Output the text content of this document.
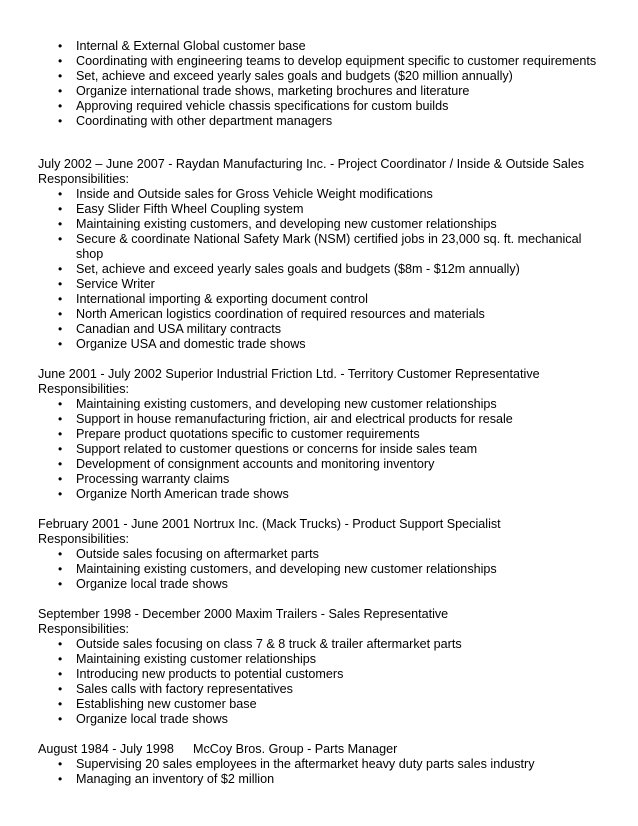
• Internal & External Global customer base
• Coordinating with engineering teams to develop equipment specific to customer requirements
• Set, achieve and exceed yearly sales goals and budgets ($20 million annually)
• Organize international trade shows, marketing brochures and literature
• Approving required vehicle chassis specifications for custom builds
• Coordinating with other department managers
July 2002 – June 2007 - Raydan Manufacturing Inc. - Project Coordinator / Inside & Outside Sales
Responsibilities:
• Inside and Outside sales for Gross Vehicle Weight modifications
• Easy Slider Fifth Wheel Coupling system
• Maintaining existing customers, and developing new customer relationships
• Secure & coordinate National Safety Mark (NSM) certified jobs in 23,000 sq. ft. mechanical
shop
• Set, achieve and exceed yearly sales goals and budgets ($8m - $12m annually)
• Service Writer
• International importing & exporting document control
• North American logistics coordination of required resources and materials
• Canadian and USA military contracts
• Organize USA and domestic trade shows
June 2001 - July 2002 Superior Industrial Friction Ltd. - Territory Customer Representative
Responsibilities:
• Maintaining existing customers, and developing new customer relationships
• Support in house remanufacturing friction, air and electrical products for resale
• Prepare product quotations specific to customer requirements
• Support related to customer questions or concerns for inside sales team
• Development of consignment accounts and monitoring inventory
• Processing warranty claims
• Organize North American trade shows
February 2001 - June 2001 Nortrux Inc. (Mack Trucks) - Product Support Specialist
Responsibilities:
• Outside sales focusing on aftermarket parts
• Maintaining existing customers, and developing new customer relationships
• Organize local trade shows
September 1998 - December 2000 Maxim Trailers - Sales Representative
Responsibilities:
• Outside sales focusing on class 7 & 8 truck & trailer aftermarket parts
• Maintaining existing customer relationships
• Introducing new products to potential customers
• Sales calls with factory representatives
• Establishing new customer base
• Organize local trade shows
August 1984 - July 1998 McCoy Bros. Group - Parts Manager
• Supervising 20 sales employees in the aftermarket heavy duty parts sales industry
• Managing an inventory of $2 million
